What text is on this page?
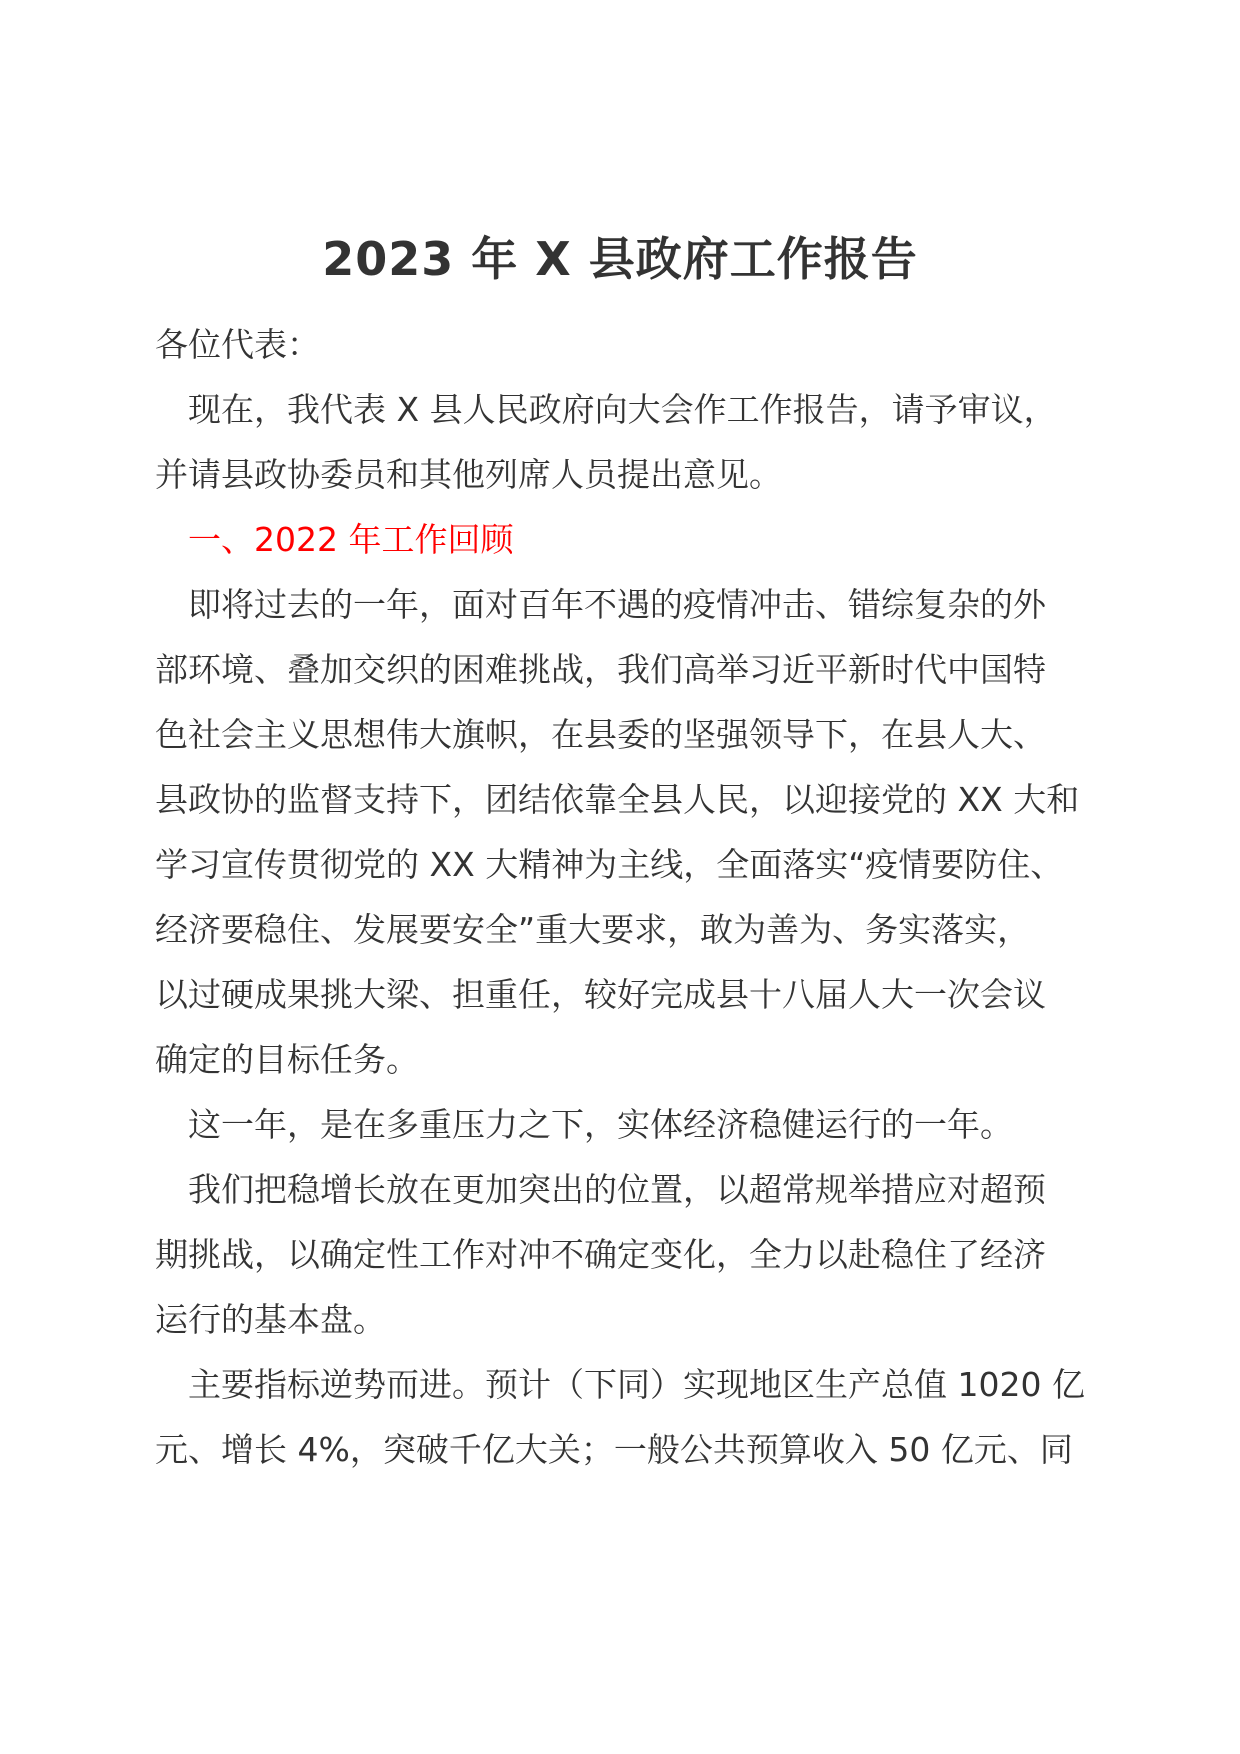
2023 年 X 县政府工作报告
各位代表：
现在，我代表 X 县人民政府向大会作工作报告，请予审议，
并请县政协委员和其他列席人员提出意见。
一、2022 年工作回顾
即将过去的一年，面对百年不遇的疫情冲击、错综复杂的外
部环境、叠加交织的困难挑战，我们高举习近平新时代中国特
色社会主义思想伟大旗帜，在县委的坚强领导下，在县人大、
县政协的监督支持下，团结依靠全县人民，以迎接党的 XX 大和
学习宣传贯彻党的 XX 大精神为主线，全面落实“疫情要防住、
经济要稳住、发展要安全”重大要求，敢为善为、务实落实，
以过硬成果挑大梁、担重任，较好完成县十八届人大一次会议
确定的目标任务。
这一年，是在多重压力之下，实体经济稳健运行的一年。
我们把稳增长放在更加突出的位置，以超常规举措应对超预
期挑战，以确定性工作对冲不确定变化，全力以赴稳住了经济
运行的基本盘。
主要指标逆势而进。预计（下同）实现地区生产总值 1020 亿
元、增长 4%，突破千亿大关；一般公共预算收入 50 亿元、同
